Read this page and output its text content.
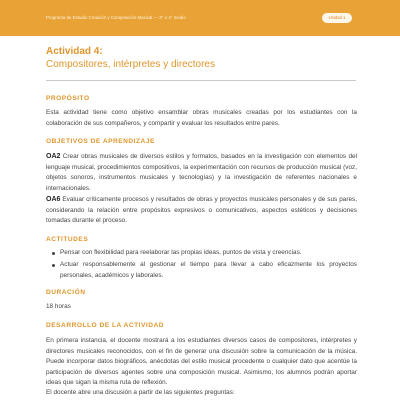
Programa de Estudio Creación y Composición Musical — 3° o 4° medio	Unidad 1
Actividad 4:
Compositores, intérpretes y directores
PROPÓSITO
Esta actividad tiene como objetivo ensamblar obras musicales creadas por los estudiantes con la colaboración de sus compañeros, y compartir y evaluar los resultados entre pares.
OBJETIVOS DE APRENDIZAJE
OA2 Crear obras musicales de diversos estilos y formatos, basados en la investigación con elementos del lenguaje musical, procedimientos compositivos, la experimentación con recursos de producción musical (voz, objetos sonoros, instrumentos musicales y tecnologías) y la investigación de referentes nacionales e internacionales.
OA6 Evaluar críticamente procesos y resultados de obras y proyectos musicales personales y de sus pares, considerando la relación entre propósitos expresivos o comunicativos, aspectos estéticos y decisiones tomadas durante el proceso.
ACTITUDES
Pensar con flexibilidad para reelaborar las propias ideas, puntos de vista y creencias.
Actuar responsablemente al gestionar el tiempo para llevar a cabo eficazmente los proyectos personales, académicos y laborales.
DURACIÓN
18 horas
DESARROLLO DE LA ACTIVIDAD
En primera instancia, el docente mostrará a los estudiantes diversos casos de compositores, intérpretes y directores musicales reconocidos, con el fin de generar una discusión sobre la comunicación de la música. Puede incorporar datos biográficos, anécdotas del estilo musical procedente o cualquier dato que acentúe la participación de diversos agentes sobre una composición musical. Asimismo, los alumnos podrán aportar ideas que sigan la misma ruta de reflexión.
El docente abre una discusión a partir de las siguientes preguntas:
